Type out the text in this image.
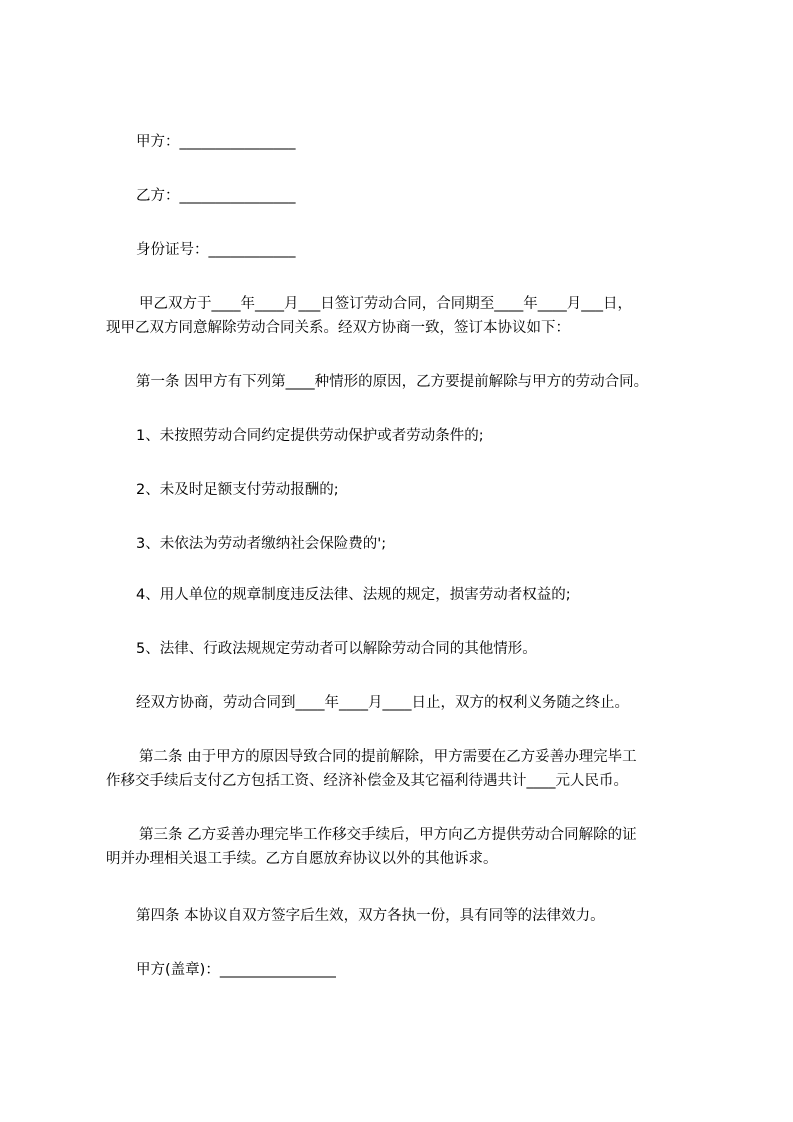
甲方：________________
乙方：________________
身份证号：____________
甲乙双方于____年____月___日签订劳动合同，合同期至____年____月___日，
现甲乙双方同意解除劳动合同关系。经双方协商一致，签订本协议如下：
第一条 因甲方有下列第____种情形的原因，乙方要提前解除与甲方的劳动合同。
1、未按照劳动合同约定提供劳动保护或者劳动条件的;
2、未及时足额支付劳动报酬的;
3、未依法为劳动者缴纳社会保险费的';
4、用人单位的规章制度违反法律、法规的规定，损害劳动者权益的;
5、法律、行政法规规定劳动者可以解除劳动合同的其他情形。
经双方协商，劳动合同到____年____月____日止，双方的权利义务随之终止。
第二条 由于甲方的原因导致合同的提前解除，甲方需要在乙方妥善办理完毕工
作移交手续后支付乙方包括工资、经济补偿金及其它福利待遇共计____元人民币。
第三条 乙方妥善办理完毕工作移交手续后，甲方向乙方提供劳动合同解除的证
明并办理相关退工手续。乙方自愿放弃协议以外的其他诉求。
第四条 本协议自双方签字后生效，双方各执一份，具有同等的法律效力。
甲方(盖章)：________________
